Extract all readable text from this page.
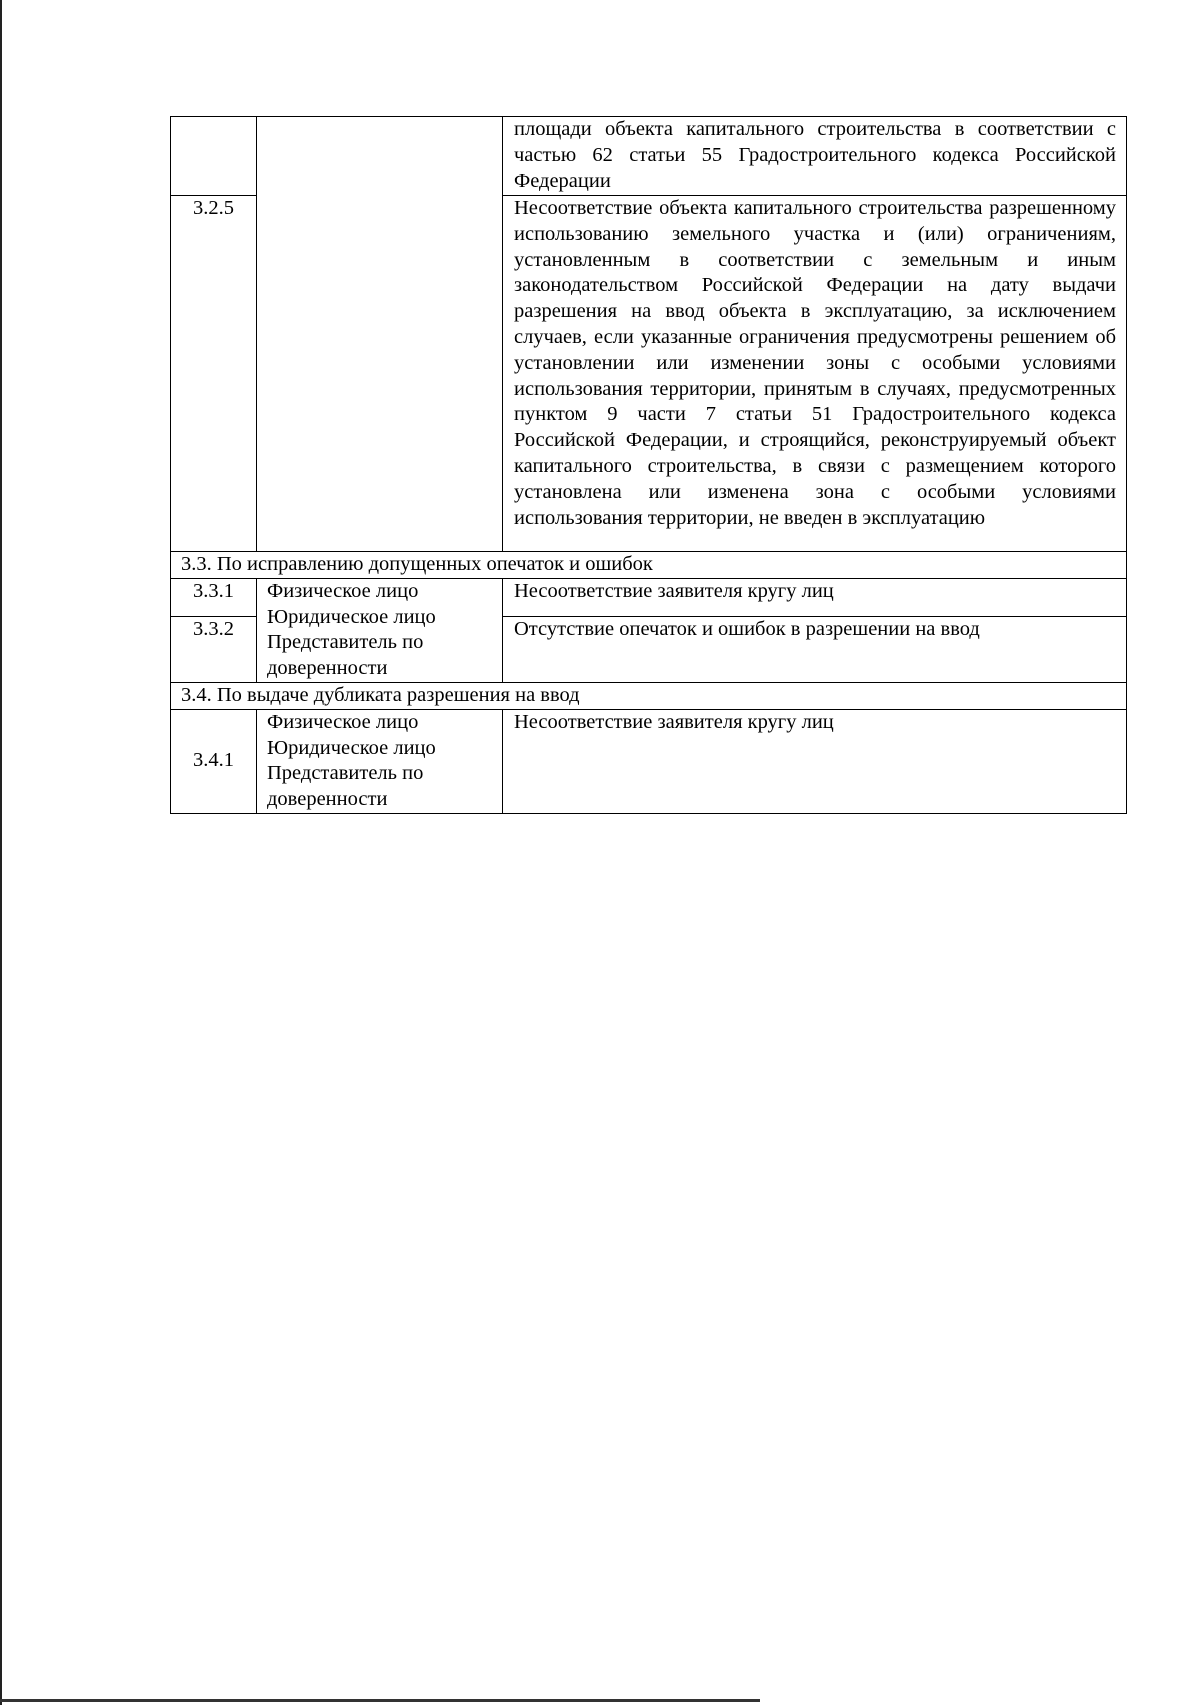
		площади объекта капитального строительства в соответствии с частью 62 статьи 55 Градостроительного кодекса Российской Федерации

3.2.5		Несоответствие объекта капитального строительства разрешенному использованию земельного участка и (или) ограничениям, установленным в соответствии с земельным и иным законодательством Российской Федерации на дату выдачи разрешения на ввод объекта в эксплуатацию, за исключением случаев, если указанные ограничения предусмотрены решением об установлении или изменении зоны с особыми условиями использования территории, принятым в случаях, предусмотренных пунктом 9 части 7 статьи 51 Градостроительного кодекса Российской Федерации, и строящийся, реконструируемый объект капитального строительства, в связи с размещением которого установлена или изменена зона с особыми условиями использования территории, не введен в эксплуатацию
3.3. По исправлению допущенных опечаток и ошибок		

3.3.1	Физическое лицо
Юридическое лицо
Представитель по
доверенности	Несоответствие заявителя кругу лиц

3.3.2		Отсутствие опечаток и ошибок в разрешении на ввод
3.4. По выдаче дубликата разрешения на ввод		

3.4.1	Физическое лицо
Юридическое лицо
Представитель по
доверенности	Несоответствие заявителя кругу лиц
